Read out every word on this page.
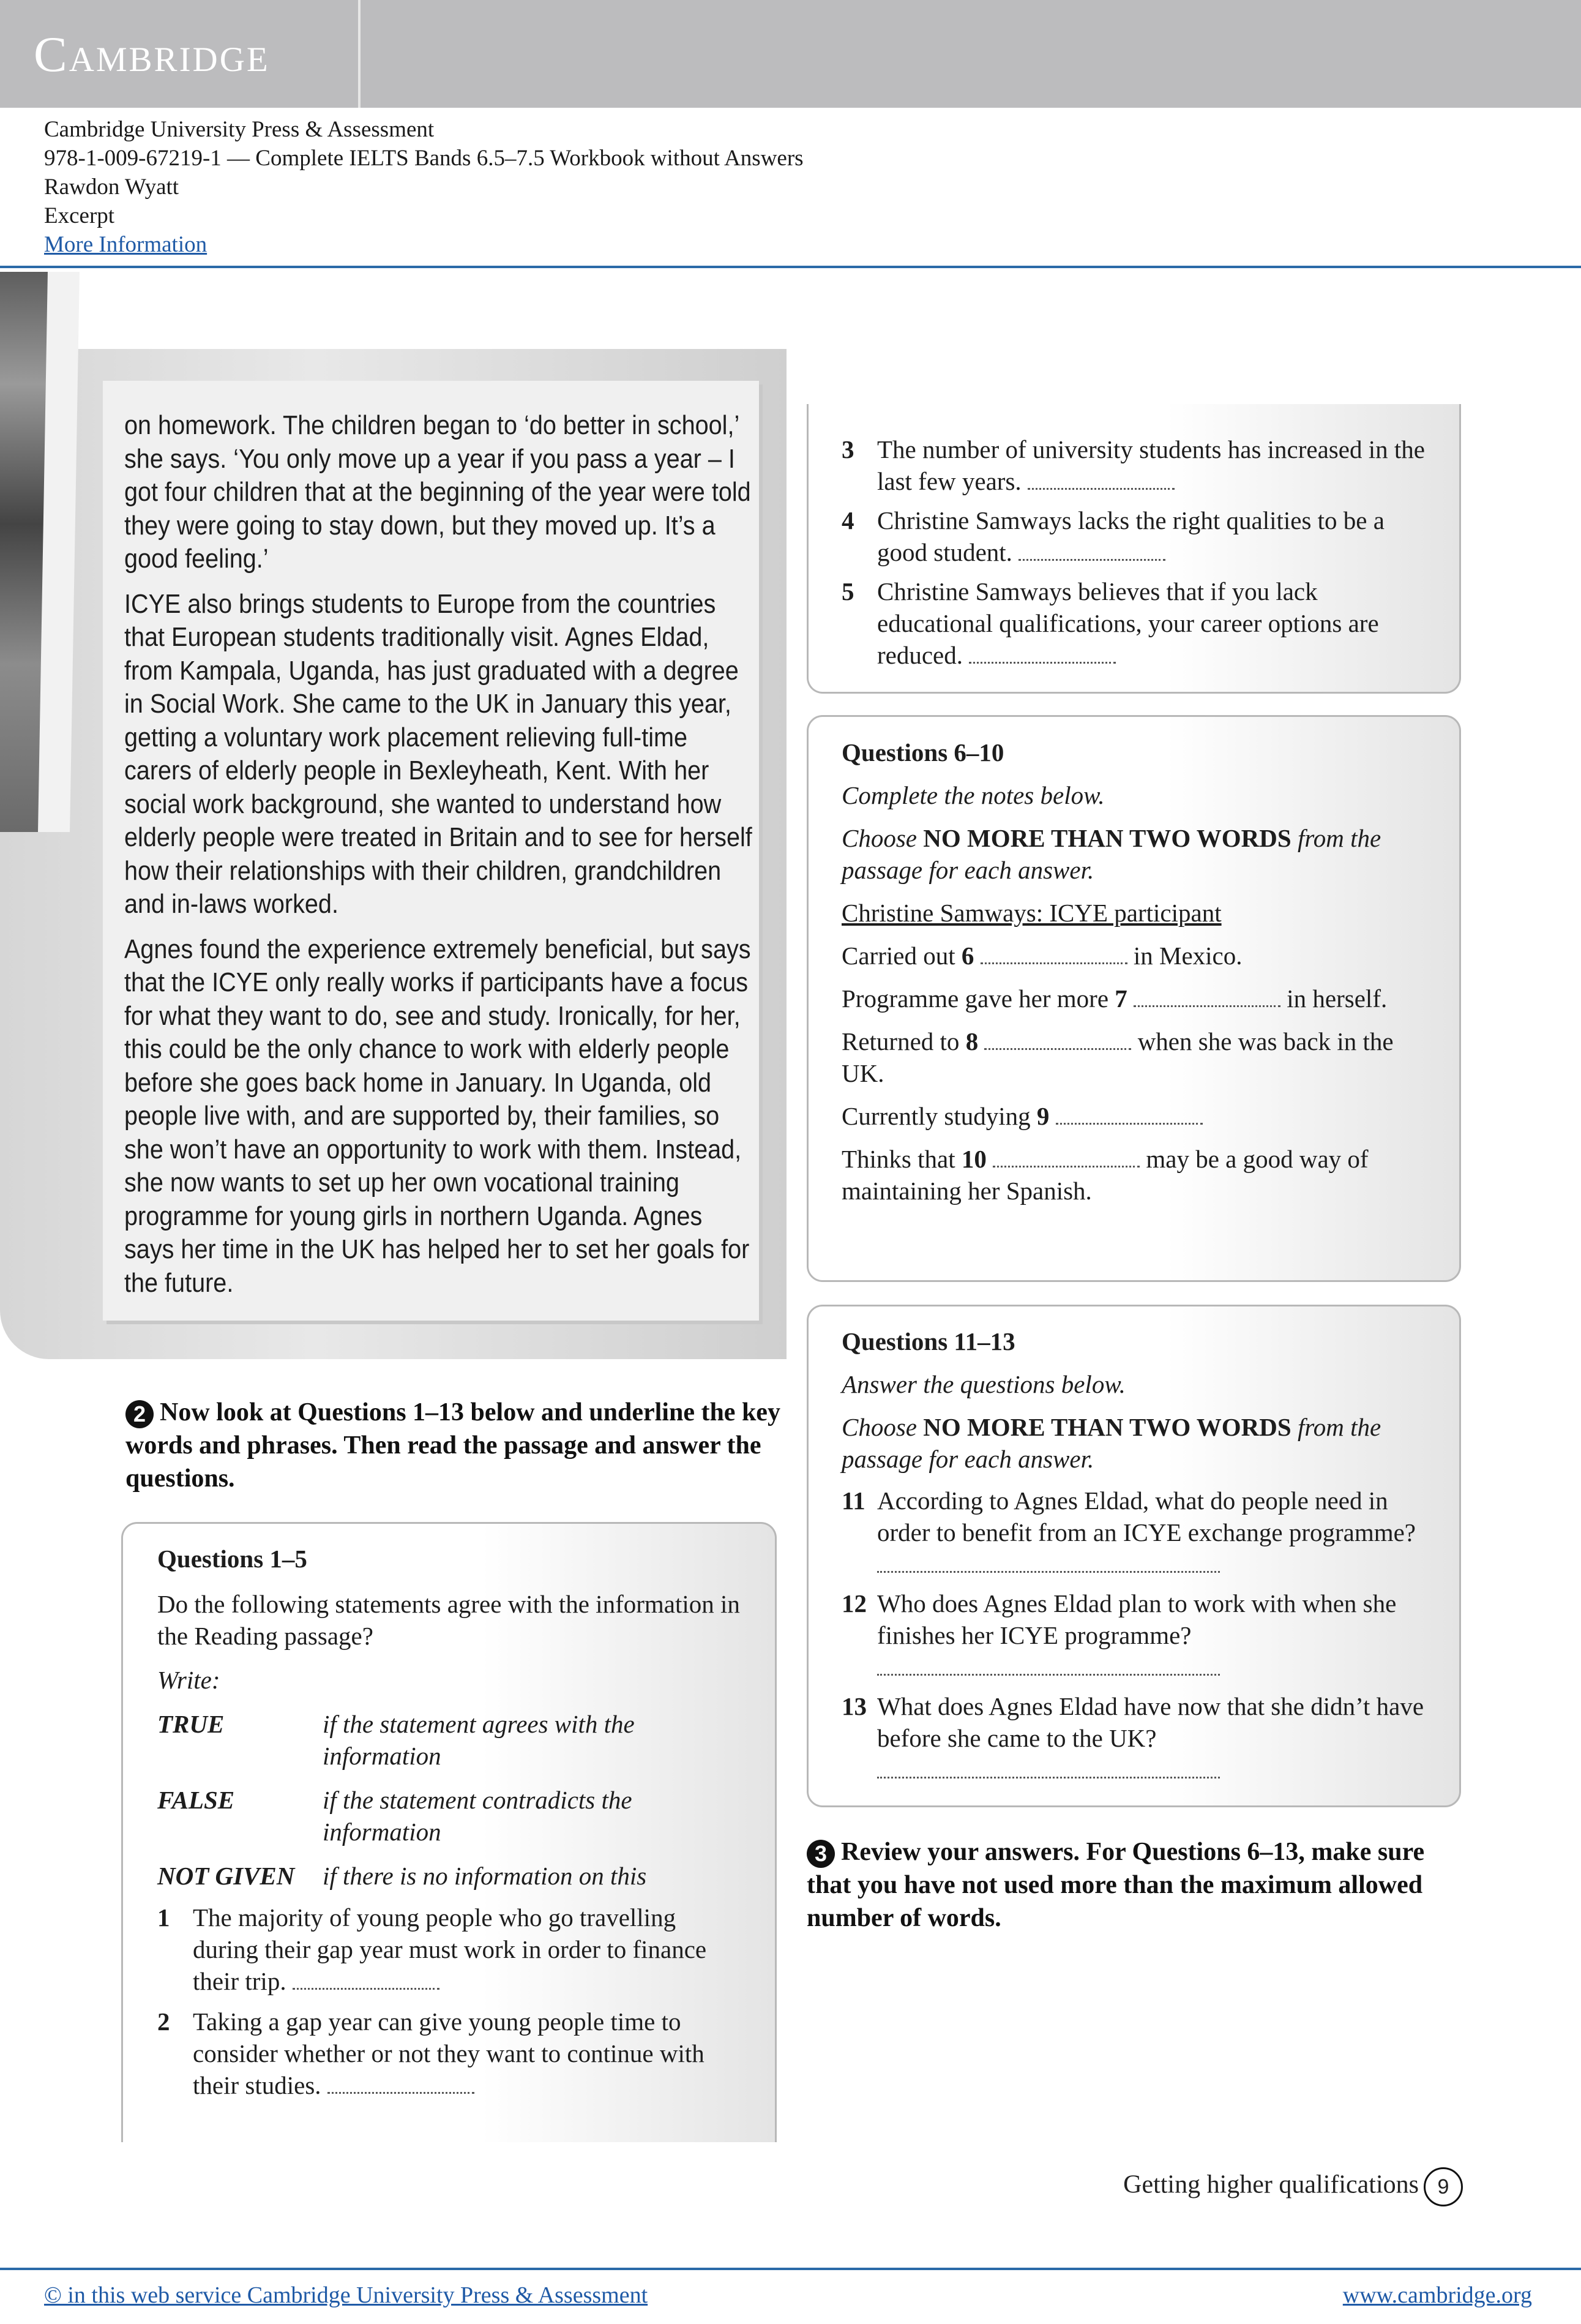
Cambridge
Cambridge University Press & Assessment
978-1-009-67219-1 — Complete IELTS Bands 6.5–7.5 Workbook without Answers
Rawdon Wyatt
Excerpt
More Information

on homework. The children began to ‘do better in school,’ she says. ‘You only move up a year if you pass a year – I got four children that at the beginning of the year were told they were going to stay down, but they moved up. It’s a good feeling.’

ICYE also brings students to Europe from the countries that European students traditionally visit. Agnes Eldad, from Kampala, Uganda, has just graduated with a degree in Social Work. She came to the UK in January this year, getting a voluntary work placement relieving full-time carers of elderly people in Bexleyheath, Kent. With her social work background, she wanted to understand how elderly people were treated in Britain and to see for herself how their relationships with their children, grandchildren and in-laws worked.

Agnes found the experience extremely beneficial, but says that the ICYE only really works if participants have a focus for what they want to do, see and study. Ironically, for her, this could be the only chance to work with elderly people before she goes back home in January. In Uganda, old people live with, and are supported by, their families, so she won’t have an opportunity to work with them. Instead, she now wants to set up her own vocational training programme for young girls in northern Uganda. Agnes says her time in the UK has helped her to set her goals for the future.

2 Now look at Questions 1–13 below and underline the key words and phrases. Then read the passage and answer the questions.
Questions 1–5
Do the following statements agree with the information in the Reading passage?
Write:
TRUE	if the statement agrees with the information
FALSE	if the statement contradicts the information
NOT GIVEN	if there is no information on this
1 The majority of young people who go travelling during their gap year must work in order to finance their trip.
2 Taking a gap year can give young people time to consider whether or not they want to continue with their studies.
3 The number of university students has increased in the last few years.
4 Christine Samways lacks the right qualities to be a good student.
5 Christine Samways believes that if you lack educational qualifications, your career options are reduced.
Questions 6–10
Complete the notes below.
Choose NO MORE THAN TWO WORDS from the passage for each answer.
Christine Samways: ICYE participant
Carried out 6	in Mexico.
Programme gave her more 7	in herself.
Returned to 8	when she was back in the UK.
Currently studying 9
Thinks that 10	may be a good way of maintaining her Spanish.
Questions 11–13
Answer the questions below.
Choose NO MORE THAN TWO WORDS from the passage for each answer.
11 According to Agnes Eldad, what do people need in order to benefit from an ICYE exchange programme?
12 Who does Agnes Eldad plan to work with when she finishes her ICYE programme?

13 What does Agnes Eldad have now that she didn’t have before she came to the UK?

3 Review your answers. For Questions 6–13, make sure that you have not used more than the maximum allowed number of words.
Getting higher qualifications 9
© in this web service Cambridge University Press & Assessment	www.cambridge.org
